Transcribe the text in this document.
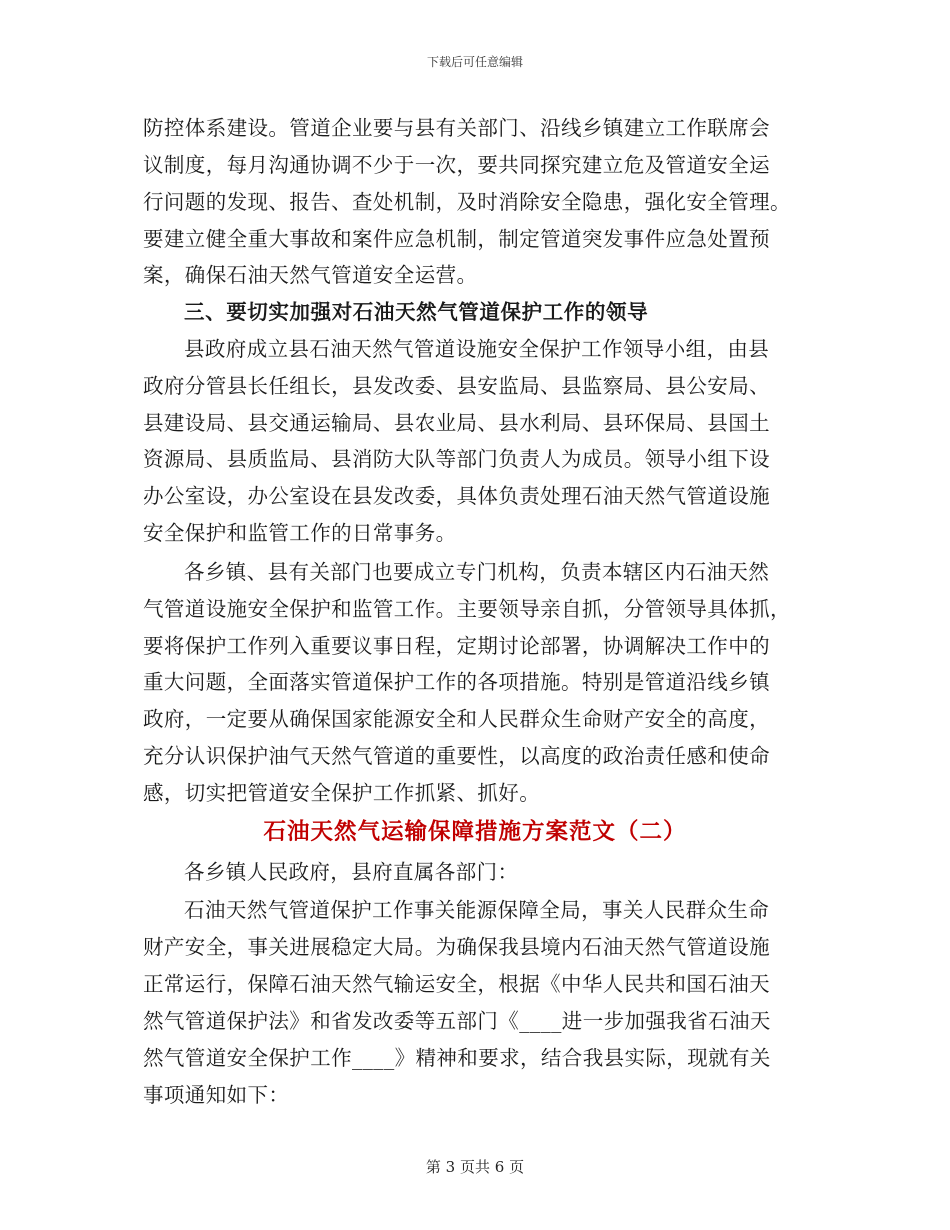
下载后可任意编辑
防控体系建设。管道企业要与县有关部门、沿线乡镇建立工作联席会
议制度，每月沟通协调不少于一次，要共同探究建立危及管道安全运
行问题的发现、报告、查处机制，及时消除安全隐患，强化安全管理。
要建立健全重大事故和案件应急机制，制定管道突发事件应急处置预
案，确保石油天然气管道安全运营。
三、要切实加强对石油天然气管道保护工作的领导
县政府成立县石油天然气管道设施安全保护工作领导小组，由县
政府分管县长任组长，县发改委、县安监局、县监察局、县公安局、
县建设局、县交通运输局、县农业局、县水利局、县环保局、县国土
资源局、县质监局、县消防大队等部门负责人为成员。领导小组下设
办公室设，办公室设在县发改委，具体负责处理石油天然气管道设施
安全保护和监管工作的日常事务。
各乡镇、县有关部门也要成立专门机构，负责本辖区内石油天然
气管道设施安全保护和监管工作。主要领导亲自抓，分管领导具体抓，
要将保护工作列入重要议事日程，定期讨论部署，协调解决工作中的
重大问题，全面落实管道保护工作的各项措施。特别是管道沿线乡镇
政府，一定要从确保国家能源安全和人民群众生命财产安全的高度，
充分认识保护油气天然气管道的重要性，以高度的政治责任感和使命
感，切实把管道安全保护工作抓紧、抓好。
石油天然气运输保障措施方案范文（二）
各乡镇人民政府，县府直属各部门：
石油天然气管道保护工作事关能源保障全局，事关人民群众生命
财产安全，事关进展稳定大局。为确保我县境内石油天然气管道设施
正常运行，保障石油天然气输运安全，根据《中华人民共和国石油天
然气管道保护法》和省发改委等五部门《____进一步加强我省石油天
然气管道安全保护工作____》精神和要求，结合我县实际，现就有关
事项通知如下：
第 3 页共 6 页
